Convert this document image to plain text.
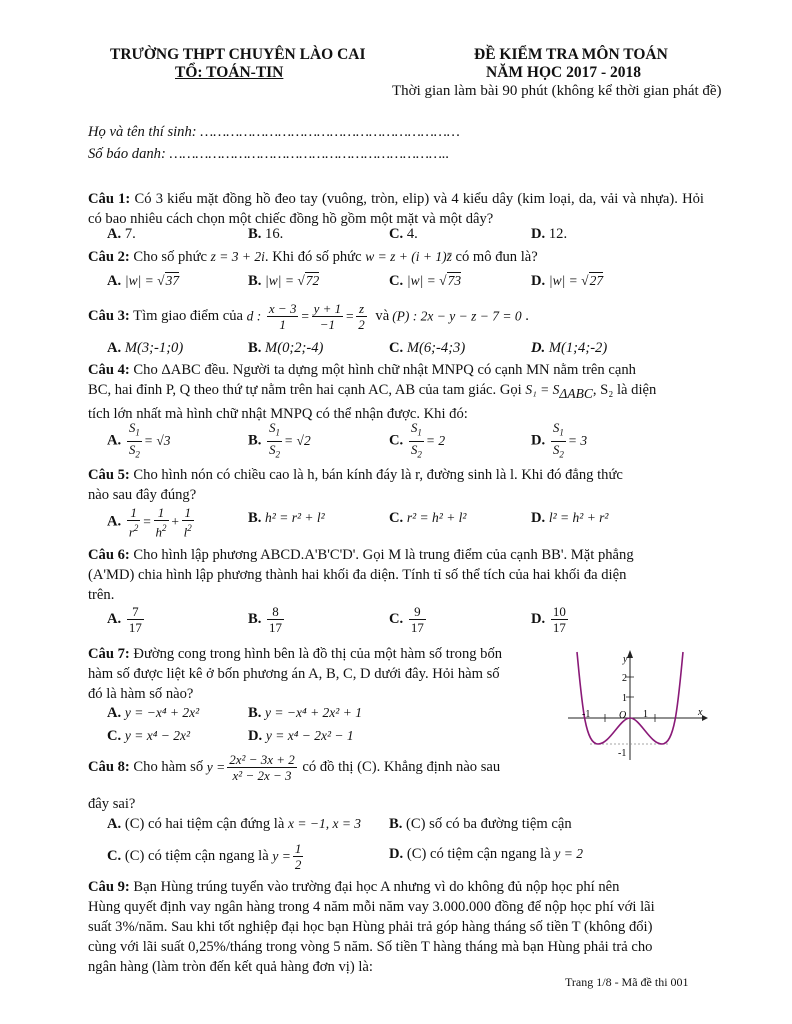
TRƯỜNG THPT CHUYÊN LÀO CAI
TỔ: TOÁN-TIN
ĐỀ KIỂM TRA MÔN TOÁN
NĂM HỌC 2017 - 2018
Thời gian làm bài 90 phút (không kể thời gian phát đề)
Họ và tên thí sinh: ……………………………………………………
Số báo danh: ………………………………………………………..
Câu 1: Có 3 kiểu mặt đồng hồ đeo tay (vuông, tròn, elip) và 4 kiểu dây (kim loại, da, vải và nhựa). Hỏi có bao nhiêu cách chọn một chiếc đồng hồ gồm một mặt và một dây?
A. 7.	B. 16.	C. 4.	D. 12.
Câu 2: Cho số phức z = 3 + 2i. Khi đó số phức w = z + (i + 1)z̄ có mô đun là?
A. |w| = √37	B. |w| = √72	C. |w| = √73	D. |w| = √27
Câu 3: Tìm giao điểm của d : $\frac{x - 3}{1} = \frac{y + 1}{-1} = \frac{z}{2}$ và (P) : 2x − y − z − 7 = 0 .
A. M(3;-1;0)	B. M(0;2;-4)	C. M(6;-4;3)	D. M(1;4;-2)
Câu 4: Cho ΔABC đều. Người ta dựng một hình chữ nhật MNPQ có cạnh MN nằm trên cạnh
BC, hai đỉnh P, Q theo thứ tự nằm trên hai cạnh AC, AB của tam giác. Gọi $S_1 = S_{\Delta ABC}$, S₂ là diện
tích lớn nhất mà hình chữ nhật MNPQ có thể nhận được. Khi đó:
A. $\frac{S_1}{S_2} = √3$	B. $\frac{S_1}{S_2} = √2$	C. $\frac{S_1}{S_2} = 2$	D. $\frac{S_1}{S_2} = 3$
Câu 5: Cho hình nón có chiều cao là h, bán kính đáy là r, đường sinh là l. Khi đó đẳng thức
nào sau đây đúng?
A. $\frac{1}{r^2} = \frac{1}{h^2} + \frac{1}{l^2}$	B. h² = r² + l²	C. r² = h² + l²	D. l² = h² + r²
Câu 6: Cho hình lập phương ABCD.A'B'C'D'. Gọi M là trung điểm của cạnh BB'. Mặt phẳng
(A'MD) chia hình lập phương thành hai khối đa diện. Tính tỉ số thể tích của hai khối đa diện
trên.
A. $\frac{7}{17}$	B. $\frac{8}{17}$	C. $\frac{9}{17}$	D. $\frac{10}{17}$
Câu 7: Đường cong trong hình bên là đồ thị của một hàm số trong bốn
hàm số được liệt kê ở bốn phương án A, B, C, D dưới đây. Hỏi hàm số
đó là hàm số nào?
A. y = −x⁴ + 2x²	B. y = −x⁴ + 2x² + 1
C. y = x⁴ − 2x²	D. y = x⁴ − 2x² − 1
y
x
O
2
1
-1
1
-1
Câu 8: Cho hàm số $y = \frac{\text{2x² − 3x + 2}}{\text{x² − 2x − 3}}$ có đồ thị (C). Khẳng định nào sau
đây sai?
A. (C) có hai tiệm cận đứng là x = −1, x = 3 B. (C) số có ba đường tiệm cận
C. (C) có tiệm cận ngang là $y = \frac{1}{2}$	D. (C) có tiệm cận ngang là y = 2
Câu 9: Bạn Hùng trúng tuyển vào trường đại học A nhưng vì do không đủ nộp học phí nên
Hùng quyết định vay ngân hàng trong 4 năm mỗi năm vay 3.000.000 đồng để nộp học phí với lãi
suất 3%/năm. Sau khi tốt nghiệp đại học bạn Hùng phải trả góp hàng tháng số tiền T (không đổi)
cùng với lãi suất 0,25%/tháng trong vòng 5 năm. Số tiền T hàng tháng mà bạn Hùng phải trả cho
ngân hàng (làm tròn đến kết quả hàng đơn vị) là:
Trang 1/8 - Mã đề thi 001
